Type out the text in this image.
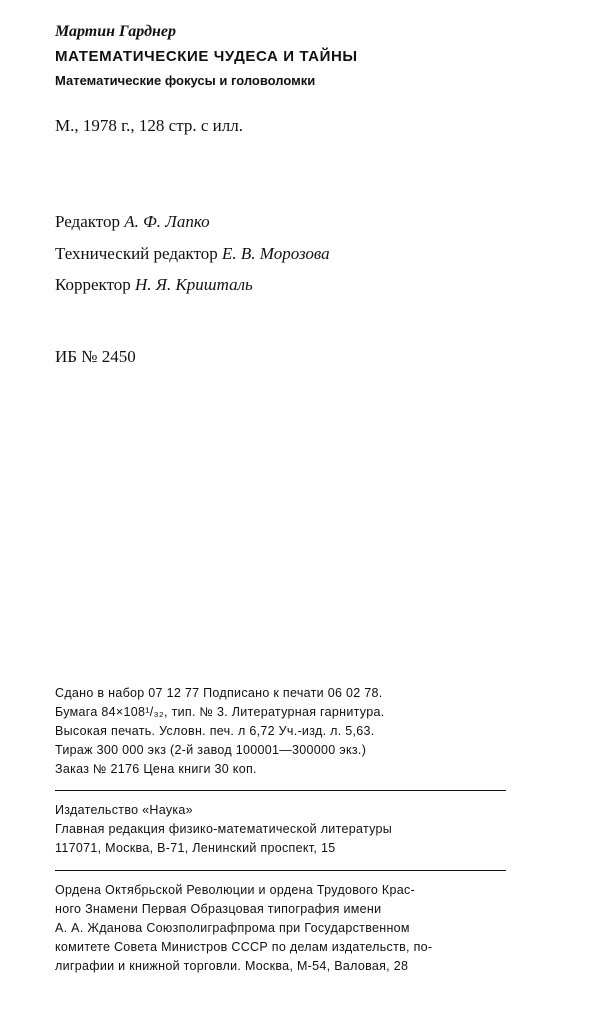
Мартин Гарднер
МАТЕМАТИЧЕСКИЕ ЧУДЕСА И ТАЙНЫ
Математические фокусы и головоломки
М., 1978 г., 128 стр. с илл.
Редактор А. Ф. Лапко
Технический редактор Е. В. Морозова
Корректор Н. Я. Кришталь
ИБ № 2450
Сдано в набор 07 12 77 Подписано к печати 06 02 78.
Бумага 84×108¹/₃₂, тип. № 3. Литературная гарнитура.
Высокая печать. Условн. печ. л 6,72 Уч.-изд. л. 5,63.
Тираж 300 000 экз (2-й завод 100001—300000 экз.)
Заказ № 2176 Цена книги 30 коп.
Издательство «Наука»
Главная редакция физико-математической литературы
117071, Москва, В-71, Ленинский проспект, 15
Ордена Октябрьской Революции и ордена Трудового Крас-
ного Знамени Первая Образцовая типография имени
А. А. Жданова Союзполиграфпрома при Государственном
комитете Совета Министров СССР по делам издательств, по-
лиграфии и книжной торговли. Москва, М-54, Валовая, 28
